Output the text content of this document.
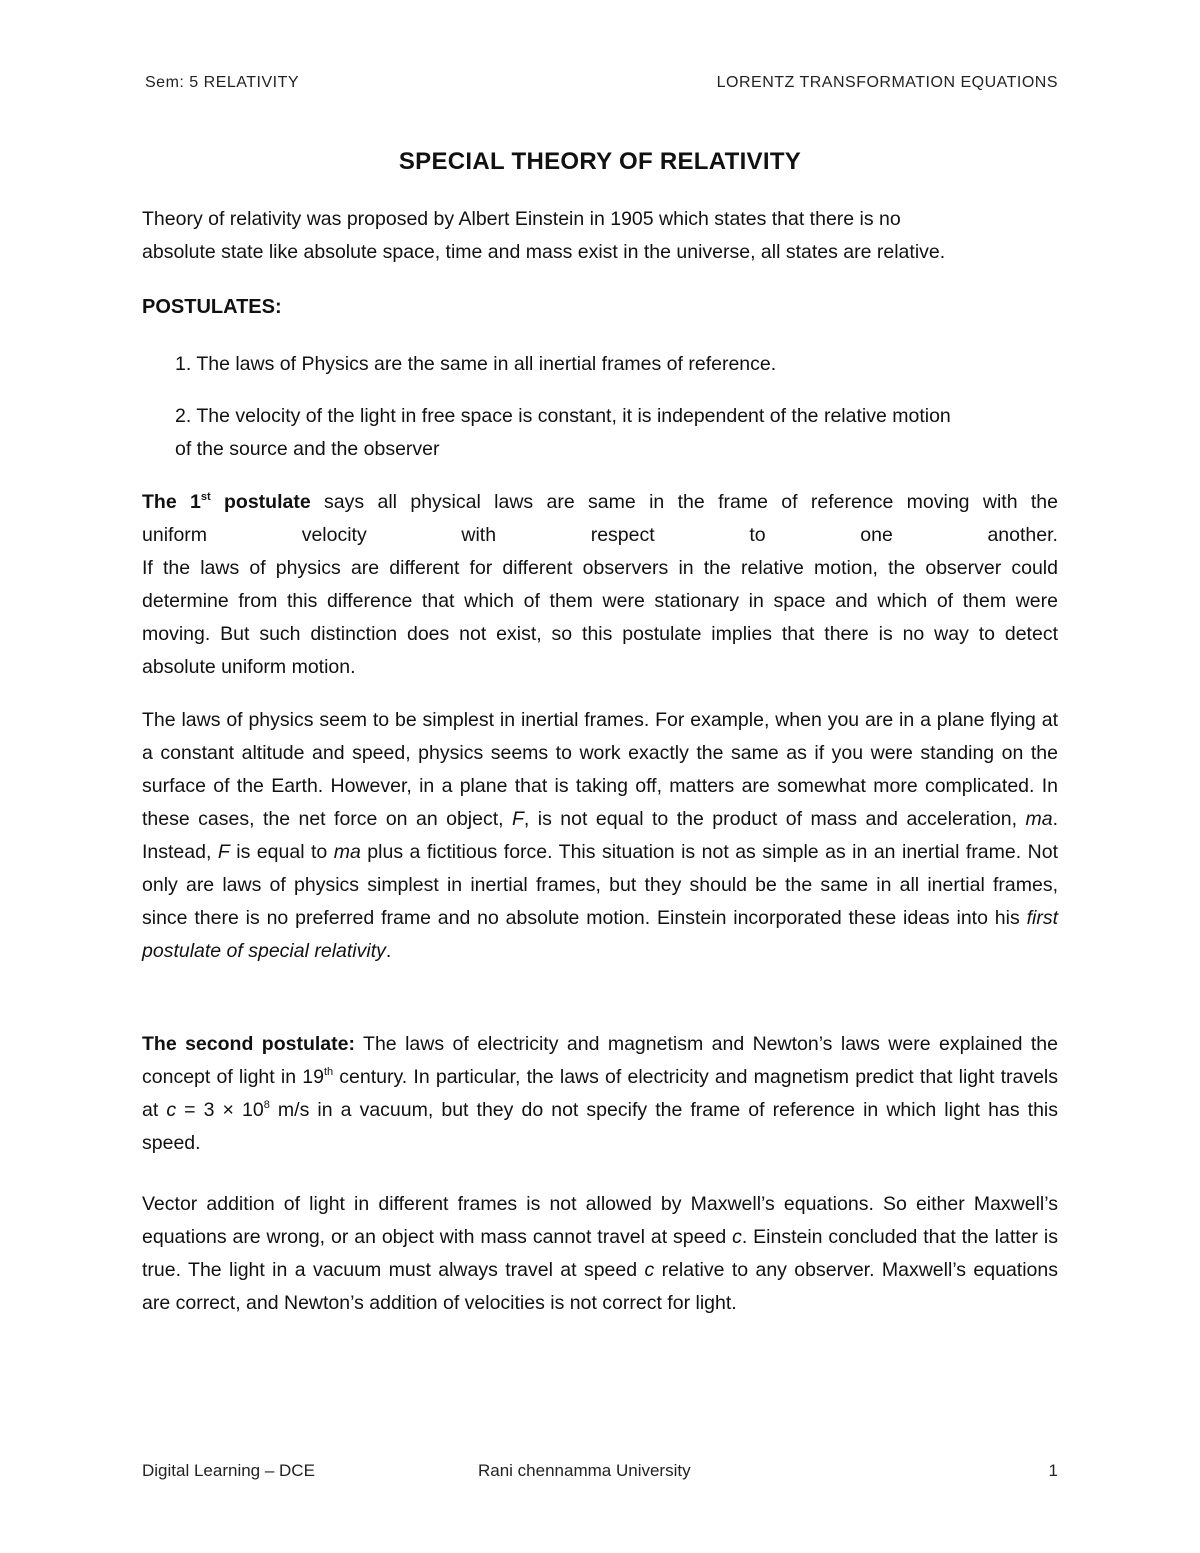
Sem: 5 RELATIVITY	LORENTZ TRANSFORMATION EQUATIONS
SPECIAL THEORY OF RELATIVITY
Theory of relativity was proposed by Albert Einstein in 1905 which states that there is no
absolute state like absolute space, time and mass exist in the universe, all states are relative.
POSTULATES:
1. The laws of Physics are the same in all inertial frames of reference.
2. The velocity of the light in free space is constant, it is independent of the relative motion
of the source and the observer
The 1st postulate says all physical laws are same in the frame of reference moving with the
uniform	velocity	with	respect	to	one	another.

If the laws of physics are different for different observers in the relative motion, the observer could determine from this difference that which of them were stationary in space and which of them were moving. But such distinction does not exist, so this postulate implies that there is no way to detect absolute uniform motion.

The laws of physics seem to be simplest in inertial frames. For example, when you are in a plane flying at a constant altitude and speed, physics seems to work exactly the same as if you were standing on the surface of the Earth. However, in a plane that is taking off, matters are somewhat more complicated. In these cases, the net force on an object, F, is not equal to the product of mass and acceleration, ma. Instead, F is equal to ma plus a fictitious force. This situation is not as simple as in an inertial frame. Not only are laws of physics simplest in inertial frames, but they should be the same in all inertial frames, since there is no preferred frame and no absolute motion. Einstein incorporated these ideas into his first postulate of special relativity.

The second postulate: The laws of electricity and magnetism and Newton’s laws were explained the concept of light in 19th century. In particular, the laws of electricity and magnetism predict that light travels at $c = 3 \times 10^8$ m/s in a vacuum, but they do not specify the frame of reference in which light has this speed.

Vector addition of light in different frames is not allowed by Maxwell’s equations. So either Maxwell’s equations are wrong, or an object with mass cannot travel at speed c. Einstein concluded that the latter is true. The light in a vacuum must always travel at speed c relative to any observer. Maxwell’s equations are correct, and Newton’s addition of velocities is not correct for light.

Digital Learning – DCE	Rani chennamma University	1
